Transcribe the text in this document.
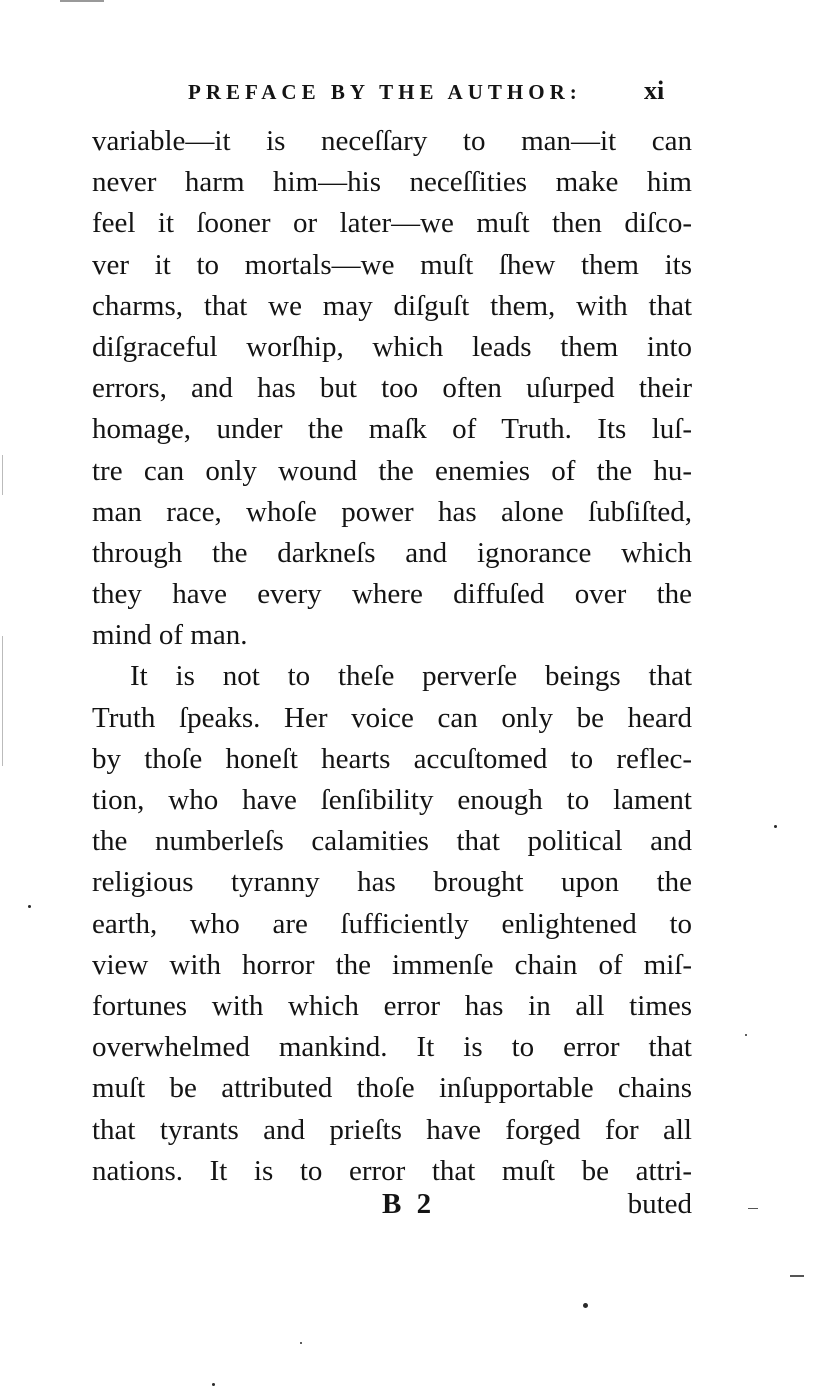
PREFACE BY THE AUTHOR: xi
variable—it is neceſſary to man—it can
never harm him—his neceſſities make him
feel it ſooner or later—we muſt then diſco-
ver it to mortals—we muſt ſhew them its
charms, that we may diſguſt them, with that
diſgraceful worſhip, which leads them into
errors, and has but too often uſurped their
homage, under the maſk of Truth. Its luſ-
tre can only wound the enemies of the hu-
man race, whoſe power has alone ſubſiſted,
through the darkneſs and ignorance which
they have every where diffuſed over the
mind of man.
It is not to theſe perverſe beings that
Truth ſpeaks. Her voice can only be heard
by thoſe honeſt hearts accuſtomed to reflec-
tion, who have ſenſibility enough to lament
the numberleſs calamities that political and
religious tyranny has brought upon the
earth, who are ſufficiently enlightened to
view with horror the immenſe chain of miſ-
fortunes with which error has in all times
overwhelmed mankind. It is to error that
muſt be attributed thoſe inſupportable chains
that tyrants and prieſts have forged for all
nations. It is to error that muſt be attri-
B 2	buted
